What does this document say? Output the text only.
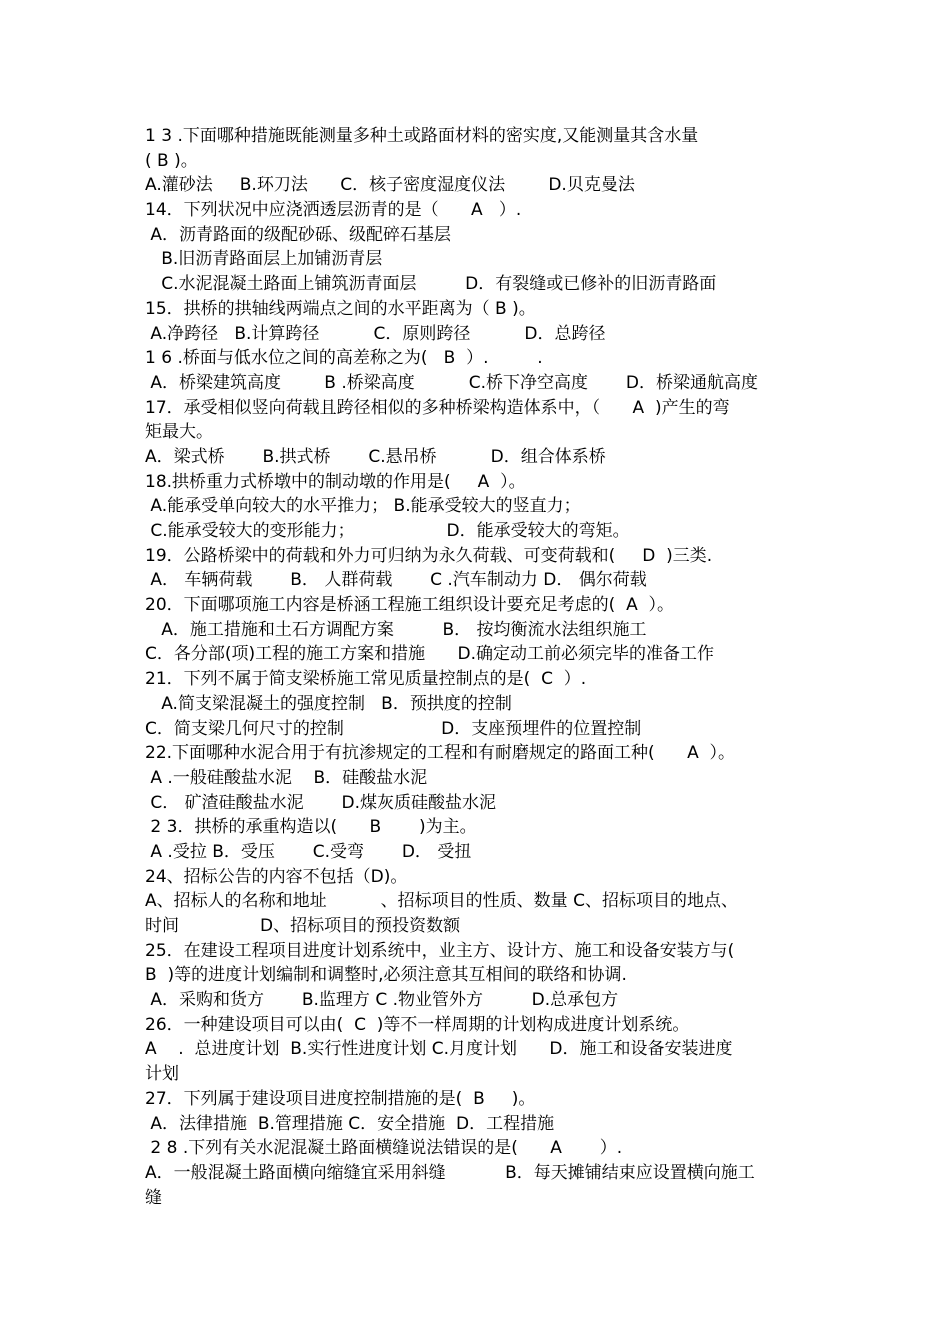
1 3 .下面哪种措施既能测量多种土或路面材料的密实度,又能测量其含水量
( B )。
A.灌砂法     B.环刀法      C．核子密度湿度仪法        D.贝克曼法
14．下列状况中应浇洒透层沥青的是（      A   ）.
A．沥青路面的级配砂砾、级配碎石基层
B.旧沥青路面层上加铺沥青层
C.水泥混凝土路面上铺筑沥青面层         D．有裂缝或已修补的旧沥青路面
15．拱桥的拱轴线两端点之间的水平距离为（ B )。
A.净跨径   B.计算跨径          C．原则跨径          D．总跨径
1 6 .桥面与低水位之间的高差称之为(   B  ）.         .
A．桥梁建筑高度        B .桥梁高度          C.桥下净空高度       D．桥梁通航高度
17．承受相似竖向荷载且跨径相似的多种桥梁构造体系中，（      A  )产生的弯
矩最大。
A．梁式桥       B.拱式桥       C.悬吊桥          D．组合体系桥
18.拱桥重力式桥墩中的制动墩的作用是(     A  ）。
A.能承受单向较大的水平推力； B.能承受较大的竖直力；
C.能承受较大的变形能力；                 D．能承受较大的弯矩。
19．公路桥梁中的荷载和外力可归纳为永久荷载、可变荷载和(     D  )三类.
A． 车辆荷载       B． 人群荷载       C .汽车制动力 D． 偶尔荷载
20．下面哪项施工内容是桥涵工程施工组织设计要充足考虑的(  A  ）。
A．施工措施和土石方调配方案         B． 按均衡流水法组织施工
C．各分部(项)工程的施工方案和措施      D.确定动工前必须完毕的准备工作
21．下列不属于简支梁桥施工常见质量控制点的是(  C  ）.
A.简支梁混凝土的强度控制   B．预拱度的控制
C．简支梁几何尺寸的控制                  D．支座预埋件的位置控制
22.下面哪种水泥合用于有抗渗规定的工程和有耐磨规定的路面工种(      A  ）。
A .一般硅酸盐水泥    B．硅酸盐水泥
C． 矿渣硅酸盐水泥       D.煤灰质硅酸盐水泥
2 3．拱桥的承重构造以(      B       )为主。
A .受拉 B．受压       C.受弯       D． 受扭
24、招标公告的内容不包括（D)。
A、招标人的名称和地址          、招标项目的性质、数量 C、招标项目的地点、
时间               D、招标项目的预投资数额
25．在建设工程项目进度计划系统中，业主方、设计方、施工和设备安装方与(
B  )等的进度计划编制和调整时,必须注意其互相间的联络和协调.
A．采购和货方       B.监理方 C .物业管外方         D.总承包方
26．一种建设项目可以由(  C  )等不一样周期的计划构成进度计划系统。
A    .  总进度计划  B.实行性进度计划 C.月度计划      D．施工和设备安装进度
计划
27．下列属于建设项目进度控制措施的是(  B     )。
A．法律措施  B.管理措施 C．安全措施  D．工程措施
2 8 .下列有关水泥混凝土路面横缝说法错误的是(      A       ）.
A．一般混凝土路面横向缩缝宜采用斜缝           B．每天摊铺结束应设置横向施工
缝
